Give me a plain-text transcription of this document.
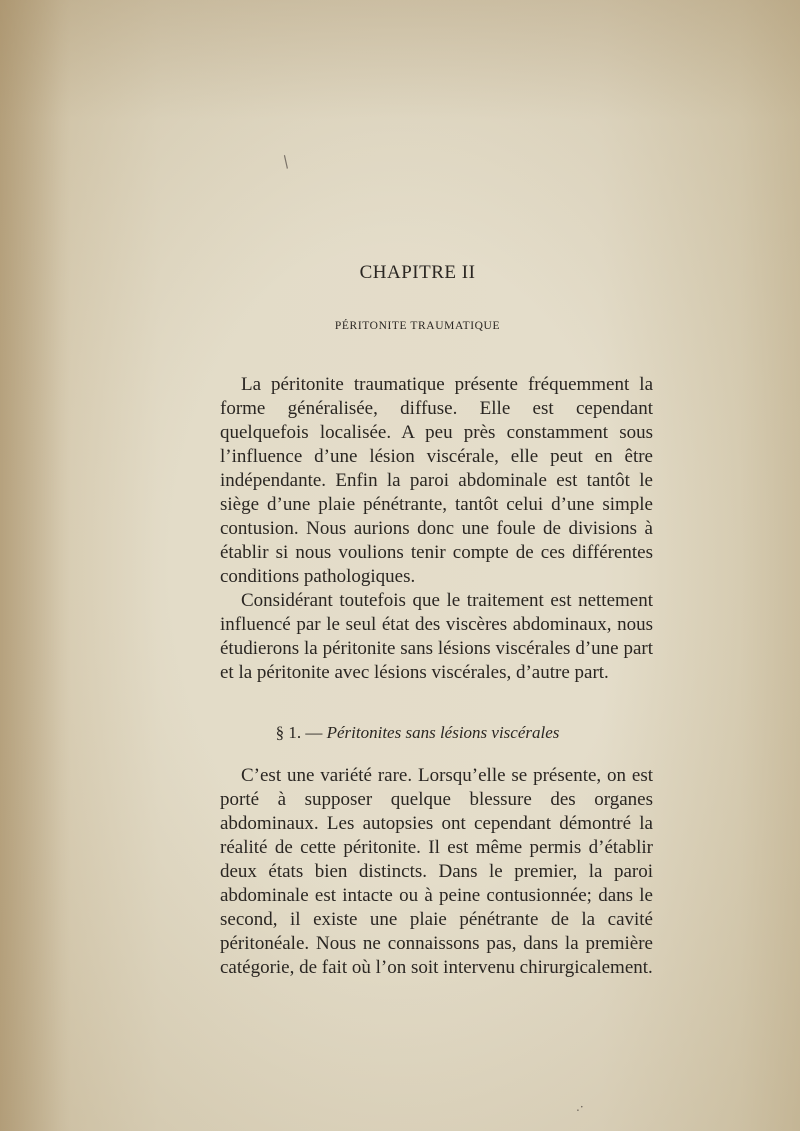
/
CHAPITRE II
PÉRITONITE TRAUMATIQUE

La péritonite traumatique présente fréquemment la forme généralisée, diffuse. Elle est cependant quelquefois localisée. A peu près constamment sous l’influence d’une lésion viscérale, elle peut en être indépendante. Enfin la paroi abdominale est tantôt le siège d’une plaie pénétrante, tantôt celui d’une simple contusion. Nous aurions donc une foule de divisions à établir si nous voulions tenir compte de ces différentes conditions pathologiques.

Considérant toutefois que le traitement est nettement influencé par le seul état des viscères abdominaux, nous étudierons la péritonite sans lésions viscérales d’une part et la péritonite avec lésions viscérales, d’autre part.

§ 1. — Péritonites sans lésions viscérales

C’est une variété rare. Lorsqu’elle se présente, on est porté à supposer quelque blessure des organes abdominaux. Les autopsies ont cependant démontré la réalité de cette péritonite. Il est même permis d’établir deux états bien distincts. Dans le premier, la paroi abdominale est intacte ou à peine contusionnée; dans le second, il existe une plaie pénétrante de la cavité péritonéale. Nous ne connaissons pas, dans la première catégorie, de fait où l’on soit intervenu chirurgicalement.

.·
